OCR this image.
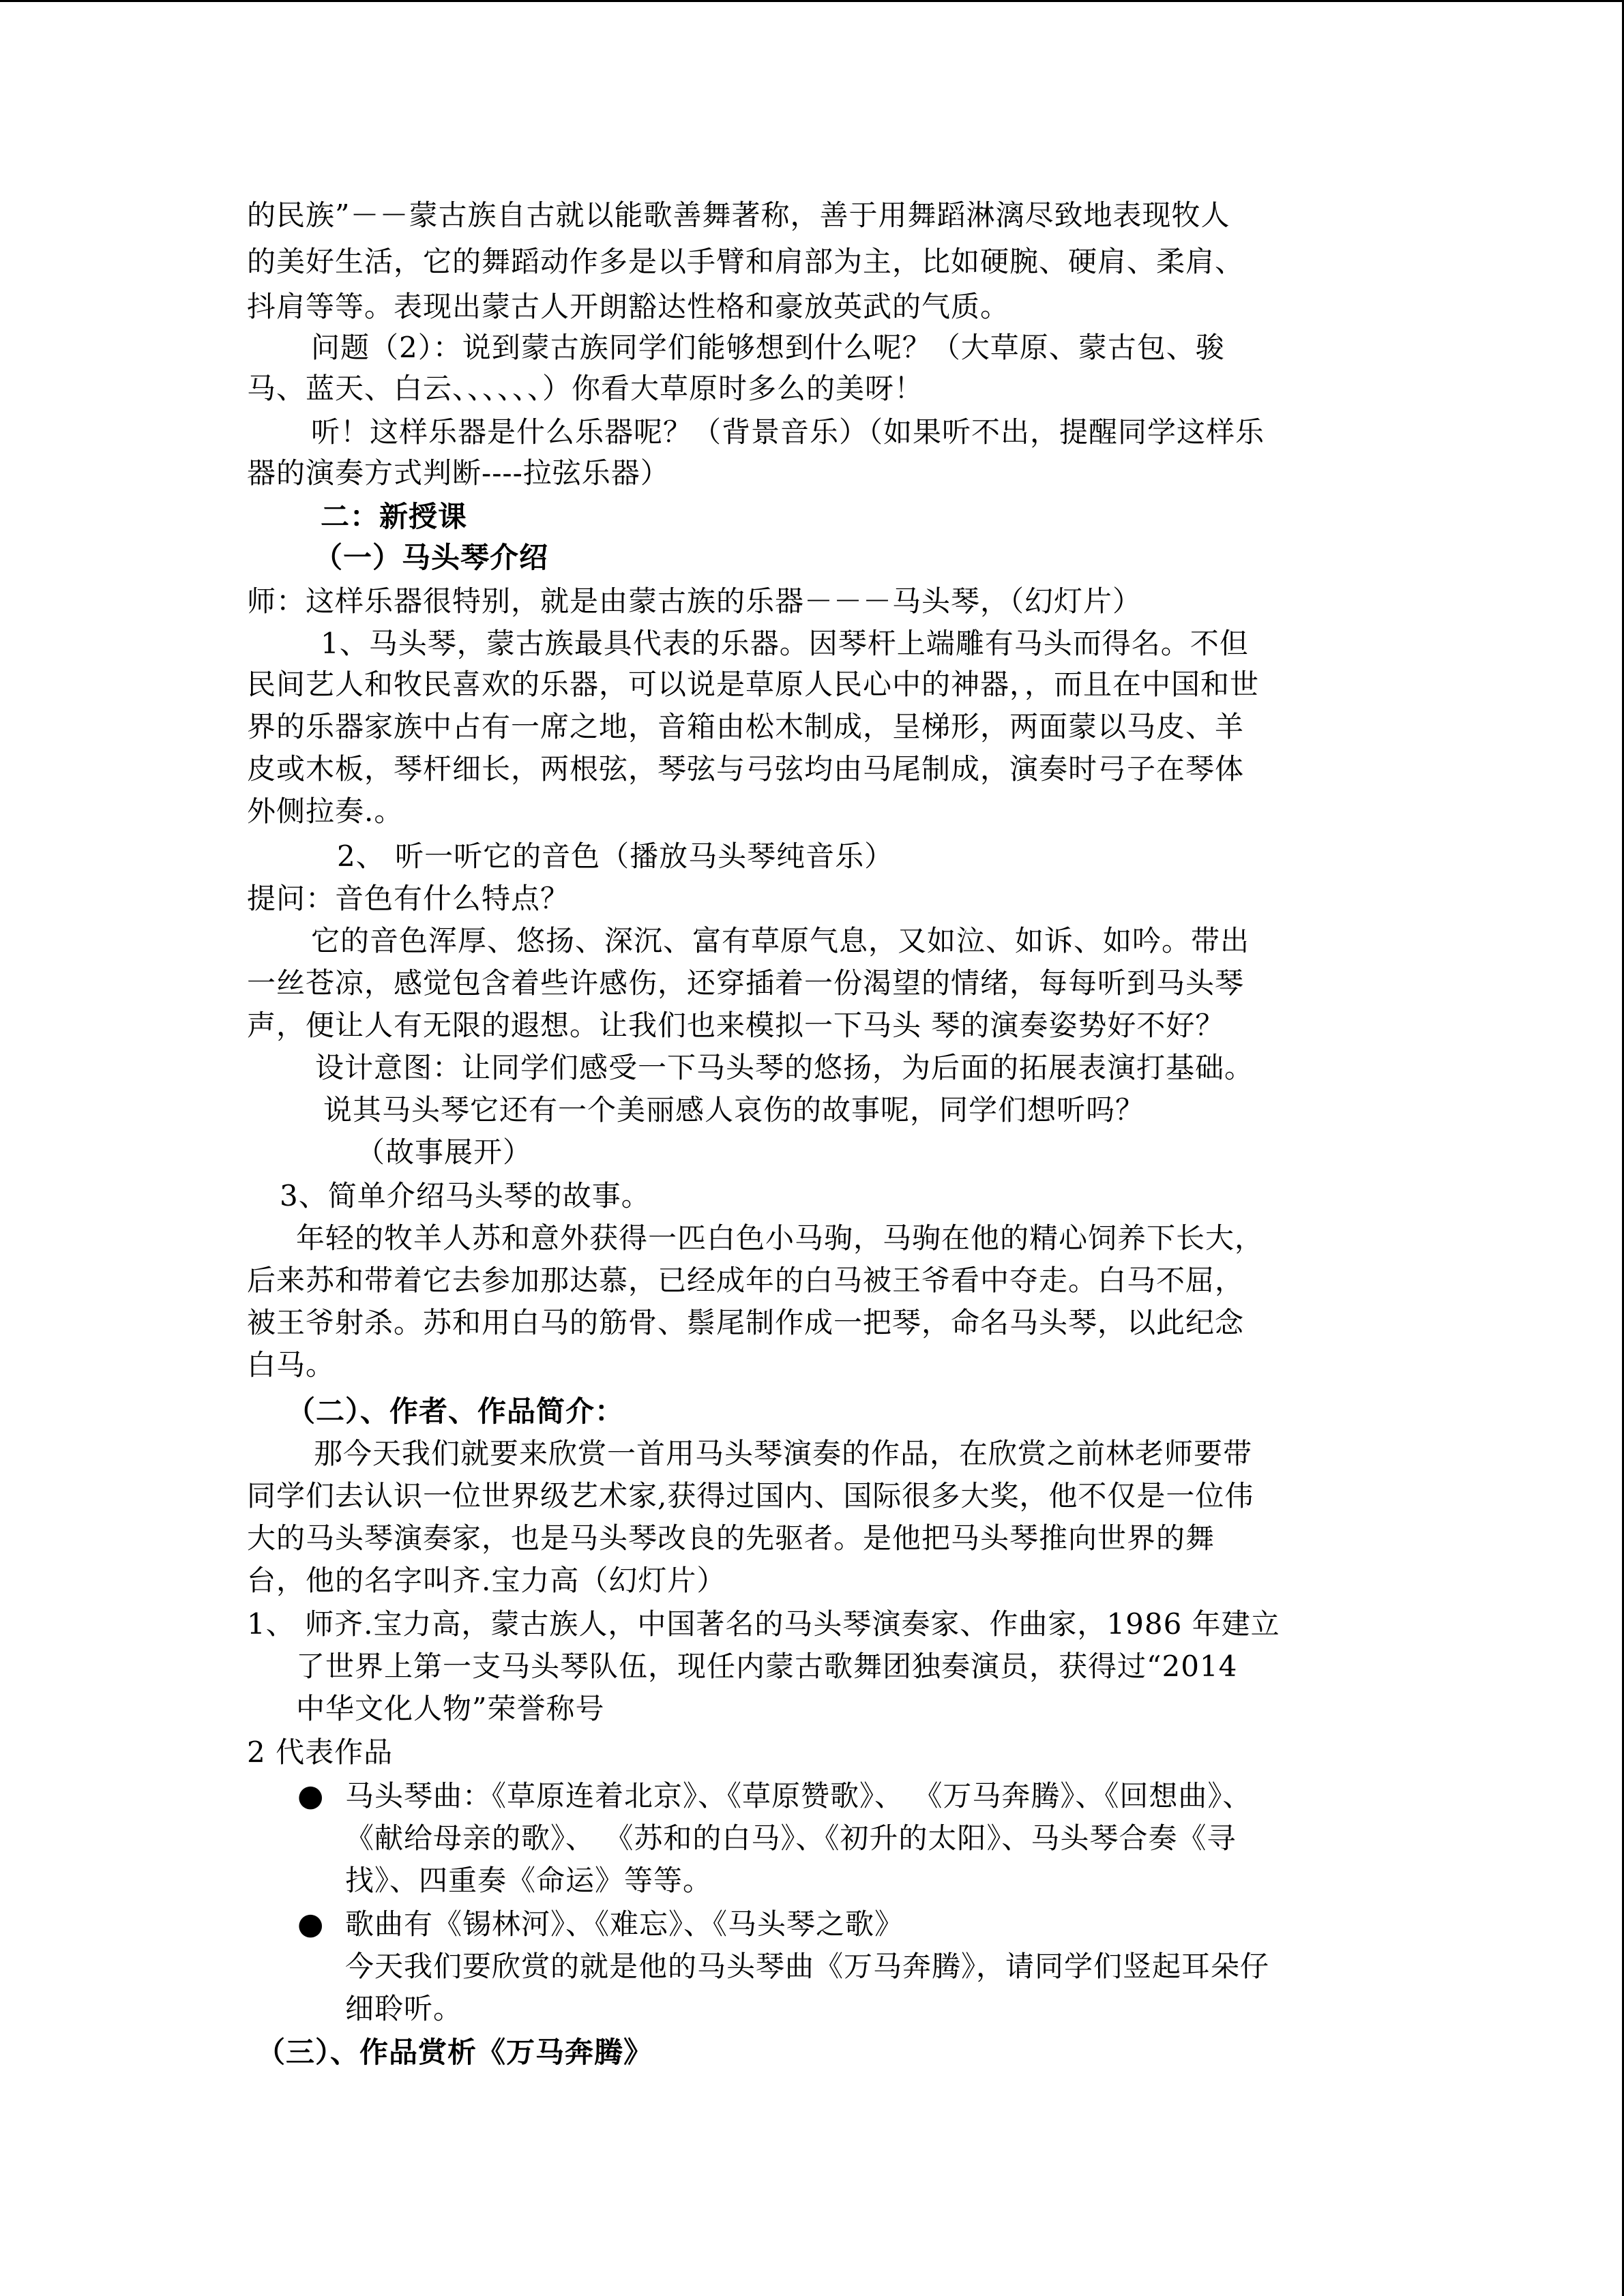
的民族”－－蒙古族自古就以能歌善舞著称，善于用舞蹈淋漓尽致地表现牧人
的美好生活，它的舞蹈动作多是以手臂和肩部为主，比如硬腕、硬肩、柔肩、
抖肩等等。表现出蒙古人开朗豁达性格和豪放英武的气质。
问题（2）：说到蒙古族同学们能够想到什么呢？（大草原、蒙古包、骏
马、蓝天、白云、、、、、、）你看大草原时多么的美呀！
听！这样乐器是什么乐器呢？（背景音乐）（如果听不出，提醒同学这样乐
器的演奏方式判断----拉弦乐器）
二：新授课
（一）马头琴介绍
师：这样乐器很特别，就是由蒙古族的乐器－－－马头琴，（幻灯片）
1、马头琴，蒙古族最具代表的乐器。因琴杆上端雕有马头而得名。不但
民间艺人和牧民喜欢的乐器，可以说是草原人民心中的神器，，而且在中国和世
界的乐器家族中占有一席之地，音箱由松木制成，呈梯形，两面蒙以马皮、羊
皮或木板，琴杆细长，两根弦，琴弦与弓弦均由马尾制成，演奏时弓子在琴体
外侧拉奏.。
2、 听一听它的音色（播放马头琴纯音乐）
提问：音色有什么特点？
它的音色浑厚、悠扬、深沉、富有草原气息，又如泣、如诉、如吟。带出
一丝苍凉，感觉包含着些许感伤，还穿插着一份渴望的情绪，每每听到马头琴
声，便让人有无限的遐想。让我们也来模拟一下马头 琴的演奏姿势好不好？
设计意图：让同学们感受一下马头琴的悠扬，为后面的拓展表演打基础。
说其马头琴它还有一个美丽感人哀伤的故事呢，同学们想听吗？
（故事展开）
3、简单介绍马头琴的故事。
年轻的牧羊人苏和意外获得一匹白色小马驹，马驹在他的精心饲养下长大，
后来苏和带着它去参加那达慕，已经成年的白马被王爷看中夺走。白马不屈，
被王爷射杀。苏和用白马的筋骨、鬃尾制作成一把琴，命名马头琴，以此纪念
白马。
（二）、作者、作品简介：
那今天我们就要来欣赏一首用马头琴演奏的作品，在欣赏之前林老师要带
同学们去认识一位世界级艺术家,获得过国内、国际很多大奖，他不仅是一位伟
大的马头琴演奏家，也是马头琴改良的先驱者。是他把马头琴推向世界的舞
台，他的名字叫齐.宝力高（幻灯片）
1、 师齐.宝力高，蒙古族人，中国著名的马头琴演奏家、作曲家，1986 年建立
了世界上第一支马头琴队伍，现任内蒙古歌舞团独奏演员，获得过“2014
中华文化人物”荣誉称号
2 代表作品
● 马头琴曲：《草原连着北京》、《草原赞歌》、 《万马奔腾》、《回想曲》、
《献给母亲的歌》、 《苏和的白马》、《初升的太阳》、马头琴合奏《寻
找》、四重奏《命运》等等。
● 歌曲有《锡林河》、《难忘》、《马头琴之歌》
今天我们要欣赏的就是他的马头琴曲《万马奔腾》，请同学们竖起耳朵仔
细聆听。
（三）、作品赏析《万马奔腾》
